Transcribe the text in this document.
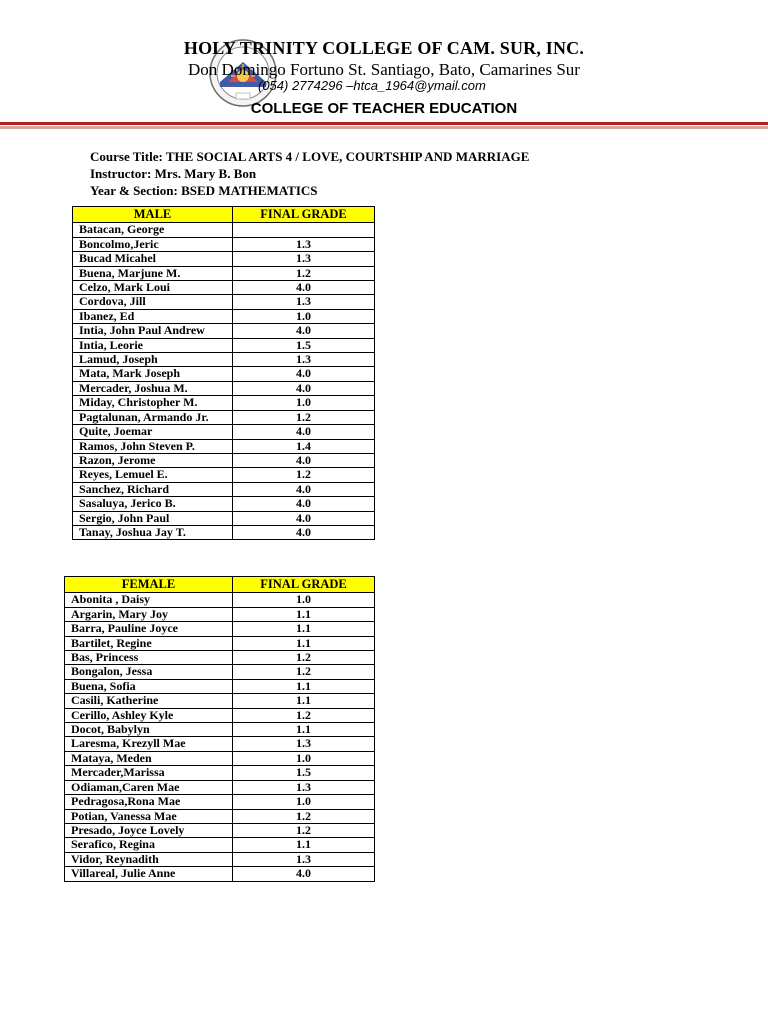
HOLY TRINITY COLLEGE OF CAM. SUR, INC.
Don Domingo Fortuno St. Santiago, Bato, Camarines Sur
(054) 2774296 –htca_1964@ymail.com
COLLEGE OF TEACHER EDUCATION
Course Title: THE SOCIAL ARTS 4 / LOVE, COURTSHIP AND MARRIAGE
Instructor: Mrs. Mary B. Bon
Year & Section: BSED MATHEMATICS
MALE	FINAL GRADE
Batacan, George	
Boncolmo,Jeric	1.3
Bucad Micahel	1.3
Buena, Marjune M.	1.2
Celzo, Mark Loui	4.0
Cordova, Jill	1.3
Ibanez, Ed	1.0
Intia, John Paul Andrew	4.0
Intia, Leorie	1.5
Lamud, Joseph	1.3
Mata, Mark Joseph	4.0
Mercader, Joshua M.	4.0
Miday, Christopher M.	1.0
Pagtalunan, Armando Jr.	1.2
Quite, Joemar	4.0
Ramos, John Steven P.	1.4
Razon, Jerome	4.0
Reyes, Lemuel E.	1.2
Sanchez, Richard	4.0
Sasaluya, Jerico B.	4.0
Sergio, John Paul	4.0
Tanay, Joshua Jay T.	4.0
FEMALE	FINAL GRADE
Abonita , Daisy	1.0
Argarin, Mary Joy	1.1
Barra, Pauline Joyce	1.1
Bartilet, Regine	1.1
Bas, Princess	1.2
Bongalon, Jessa	1.2
Buena, Sofia	1.1
Casili, Katherine	1.1
Cerillo, Ashley Kyle	1.2
Docot, Babylyn	1.1
Laresma, Krezyll Mae	1.3
Mataya, Meden	1.0
Mercader,Marissa	1.5
Odiaman,Caren Mae	1.3
Pedragosa,Rona Mae	1.0
Potian, Vanessa Mae	1.2
Presado, Joyce Lovely	1.2
Serafico, Regina	1.1
Vidor, Reynadith	1.3
Villareal, Julie Anne	4.0
